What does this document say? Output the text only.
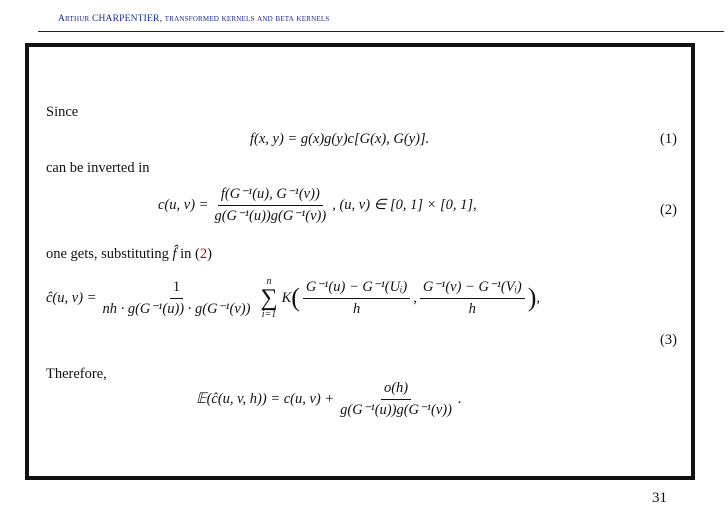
Arthur CHARPENTIER, transformed kernels and beta kernels
Since
f(x, y) = g(x)g(y)c[G(x), G(y)].	(1)
can be inverted in
c(u, $v) = \frac{\text{f(G⁻¹(u), G⁻¹(v))}}{\text{g(G⁻¹(u))g(G⁻¹(v))}}$ , (u, v) ∈ [0, 1] × [0, 1],	(2)
one gets, substituting f̂ in (2)
ĉ(u, $v) = \frac{1}{\text{nh · g(G⁻¹(u)) · g(G⁻¹(v))}}$ n
∑
i=1
K ( $\frac{\text{G⁻¹(u) − G⁻¹(Uᵢ)}}{h}$ , $\frac{\text{G⁻¹(v) − G⁻¹(Vᵢ)}}{h}$ ) ,
(3)
Therefore,
𝔼(ĉ(u, v, h)) = c(u, $v) + \frac{o(h)}{\text{g(G⁻¹(u))g(G⁻¹(v))}}$ .
31
